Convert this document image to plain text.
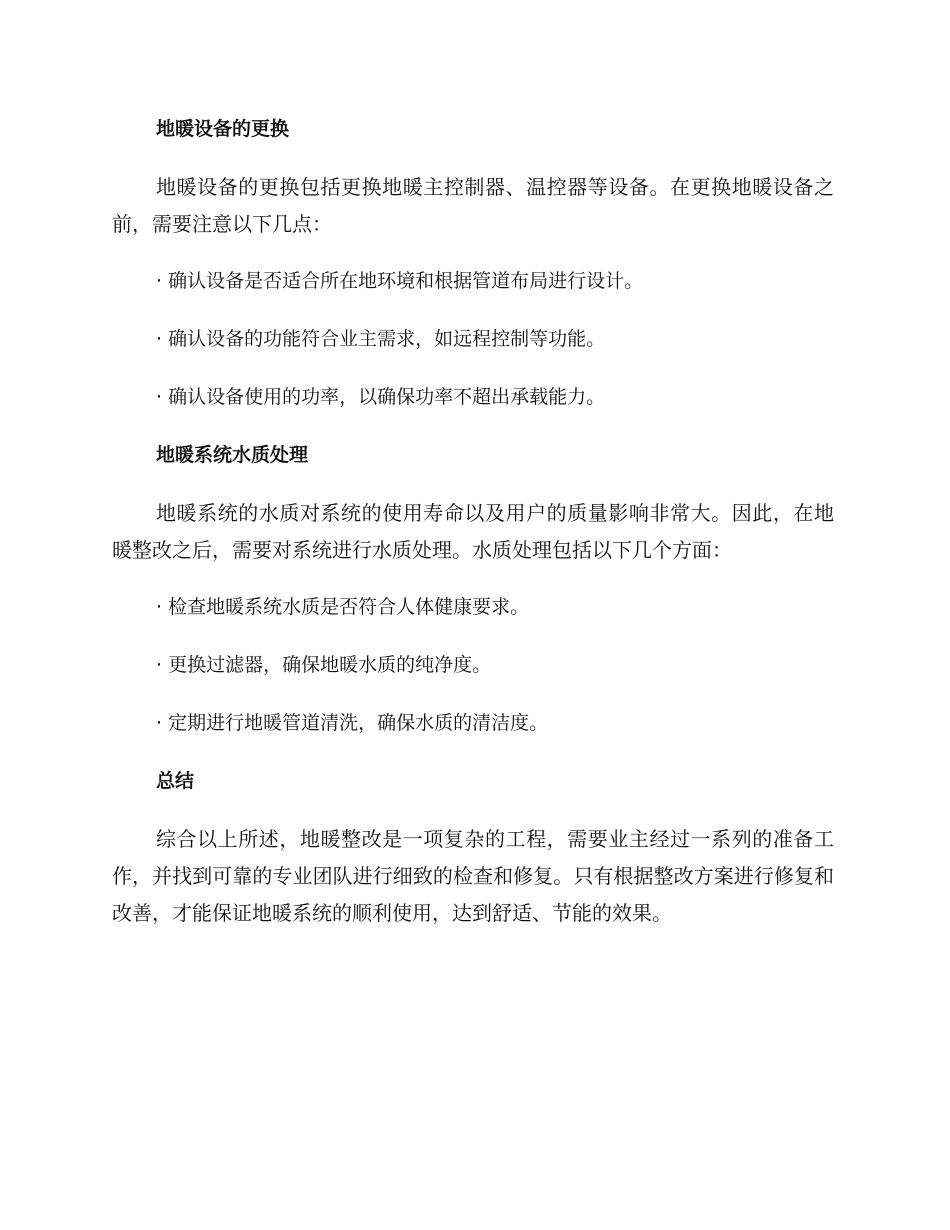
地暖设备的更换
地暖设备的更换包括更换地暖主控制器、温控器等设备。在更换地暖设备之前，需要注意以下几点：
· 确认设备是否适合所在地环境和根据管道布局进行设计。
· 确认设备的功能符合业主需求，如远程控制等功能。
· 确认设备使用的功率，以确保功率不超出承载能力。
地暖系统水质处理
地暖系统的水质对系统的使用寿命以及用户的质量影响非常大。因此，在地暖整改之后，需要对系统进行水质处理。水质处理包括以下几个方面：
· 检查地暖系统水质是否符合人体健康要求。
· 更换过滤器，确保地暖水质的纯净度。
· 定期进行地暖管道清洗，确保水质的清洁度。
总结
综合以上所述，地暖整改是一项复杂的工程，需要业主经过一系列的准备工作，并找到可靠的专业团队进行细致的检查和修复。只有根据整改方案进行修复和改善，才能保证地暖系统的顺利使用，达到舒适、节能的效果。
